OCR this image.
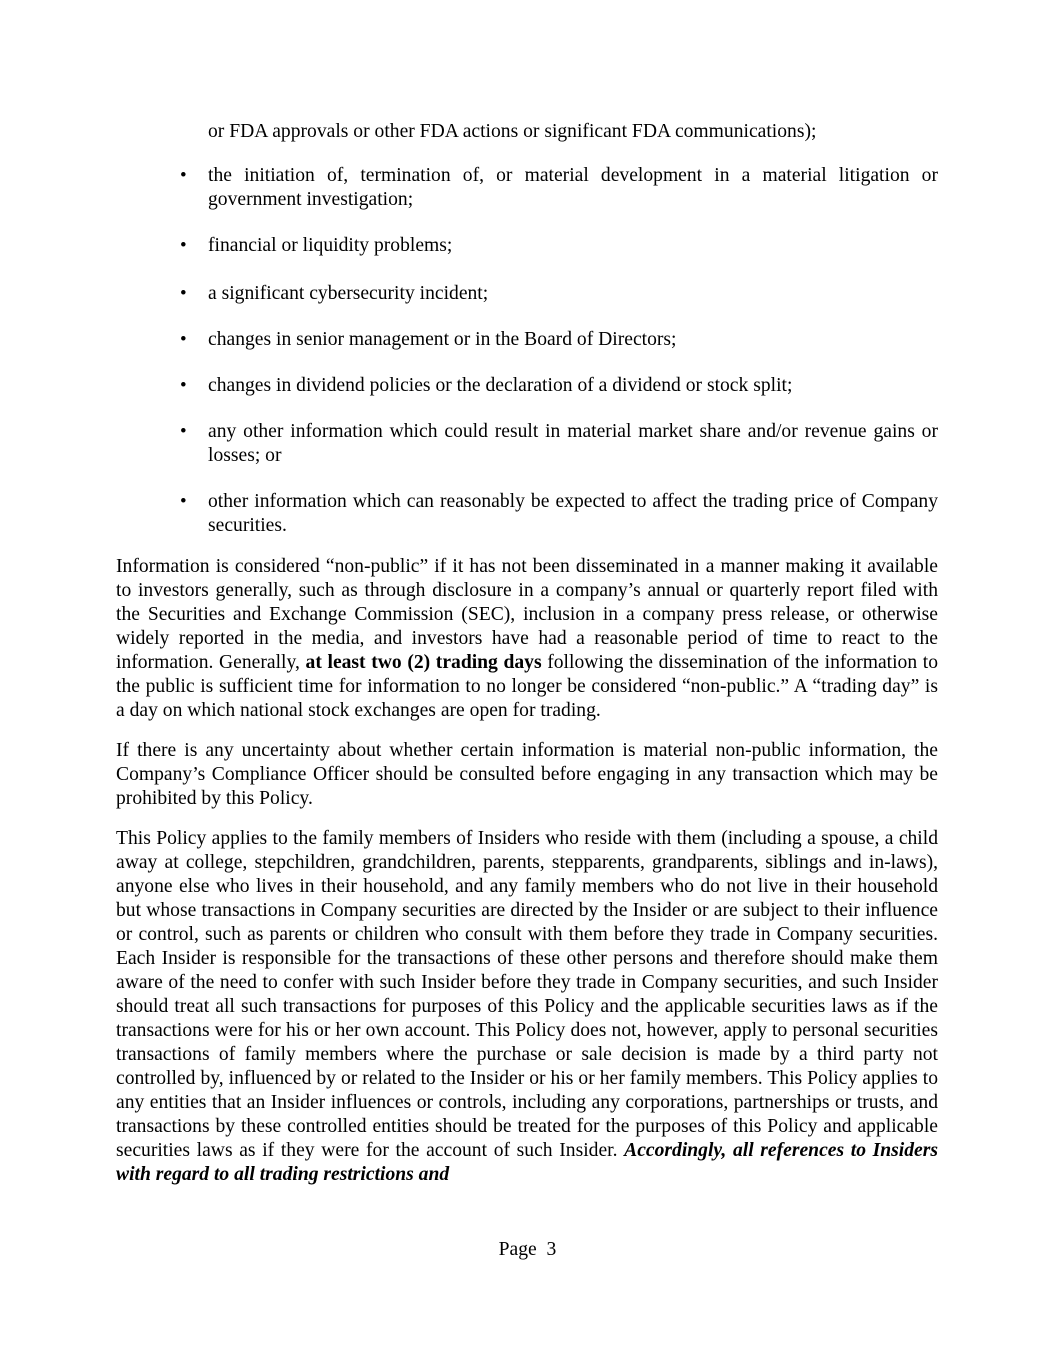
or FDA approvals or other FDA actions or significant FDA communications);

• the initiation of, termination of, or material development in a material litigation or government investigation;
• financial or liquidity problems;
• a significant cybersecurity incident;
• changes in senior management or in the Board of Directors;
• changes in dividend policies or the declaration of a dividend or stock split;
• any other information which could result in material market share and/or revenue gains or losses; or
• other information which can reasonably be expected to affect the trading price of Company securities.

Information is considered “non-public” if it has not been disseminated in a manner making it available to investors generally, such as through disclosure in a company’s annual or quarterly report filed with the Securities and Exchange Commission (SEC), inclusion in a company press release, or otherwise widely reported in the media, and investors have had a reasonable period of time to react to the information. Generally, at least two (2) trading days following the dissemination of the information to the public is sufficient time for information to no longer be considered “non-public.” A “trading day” is a day on which national stock exchanges are open for trading.

If there is any uncertainty about whether certain information is material non-public information, the Company’s Compliance Officer should be consulted before engaging in any transaction which may be prohibited by this Policy.

This Policy applies to the family members of Insiders who reside with them (including a spouse, a child away at college, stepchildren, grandchildren, parents, stepparents, grandparents, siblings and in-laws), anyone else who lives in their household, and any family members who do not live in their household but whose transactions in Company securities are directed by the Insider or are subject to their influence or control, such as parents or children who consult with them before they trade in Company securities. Each Insider is responsible for the transactions of these other persons and therefore should make them aware of the need to confer with such Insider before they trade in Company securities, and such Insider should treat all such transactions for purposes of this Policy and the applicable securities laws as if the transactions were for his or her own account. This Policy does not, however, apply to personal securities transactions of family members where the purchase or sale decision is made by a third party not controlled by, influenced by or related to the Insider or his or her family members. This Policy applies to any entities that an Insider influences or controls, including any corporations, partnerships or trusts, and transactions by these controlled entities should be treated for the purposes of this Policy and applicable securities laws as if they were for the account of such Insider. Accordingly, all references to Insiders with regard to all trading restrictions and

Page  3
